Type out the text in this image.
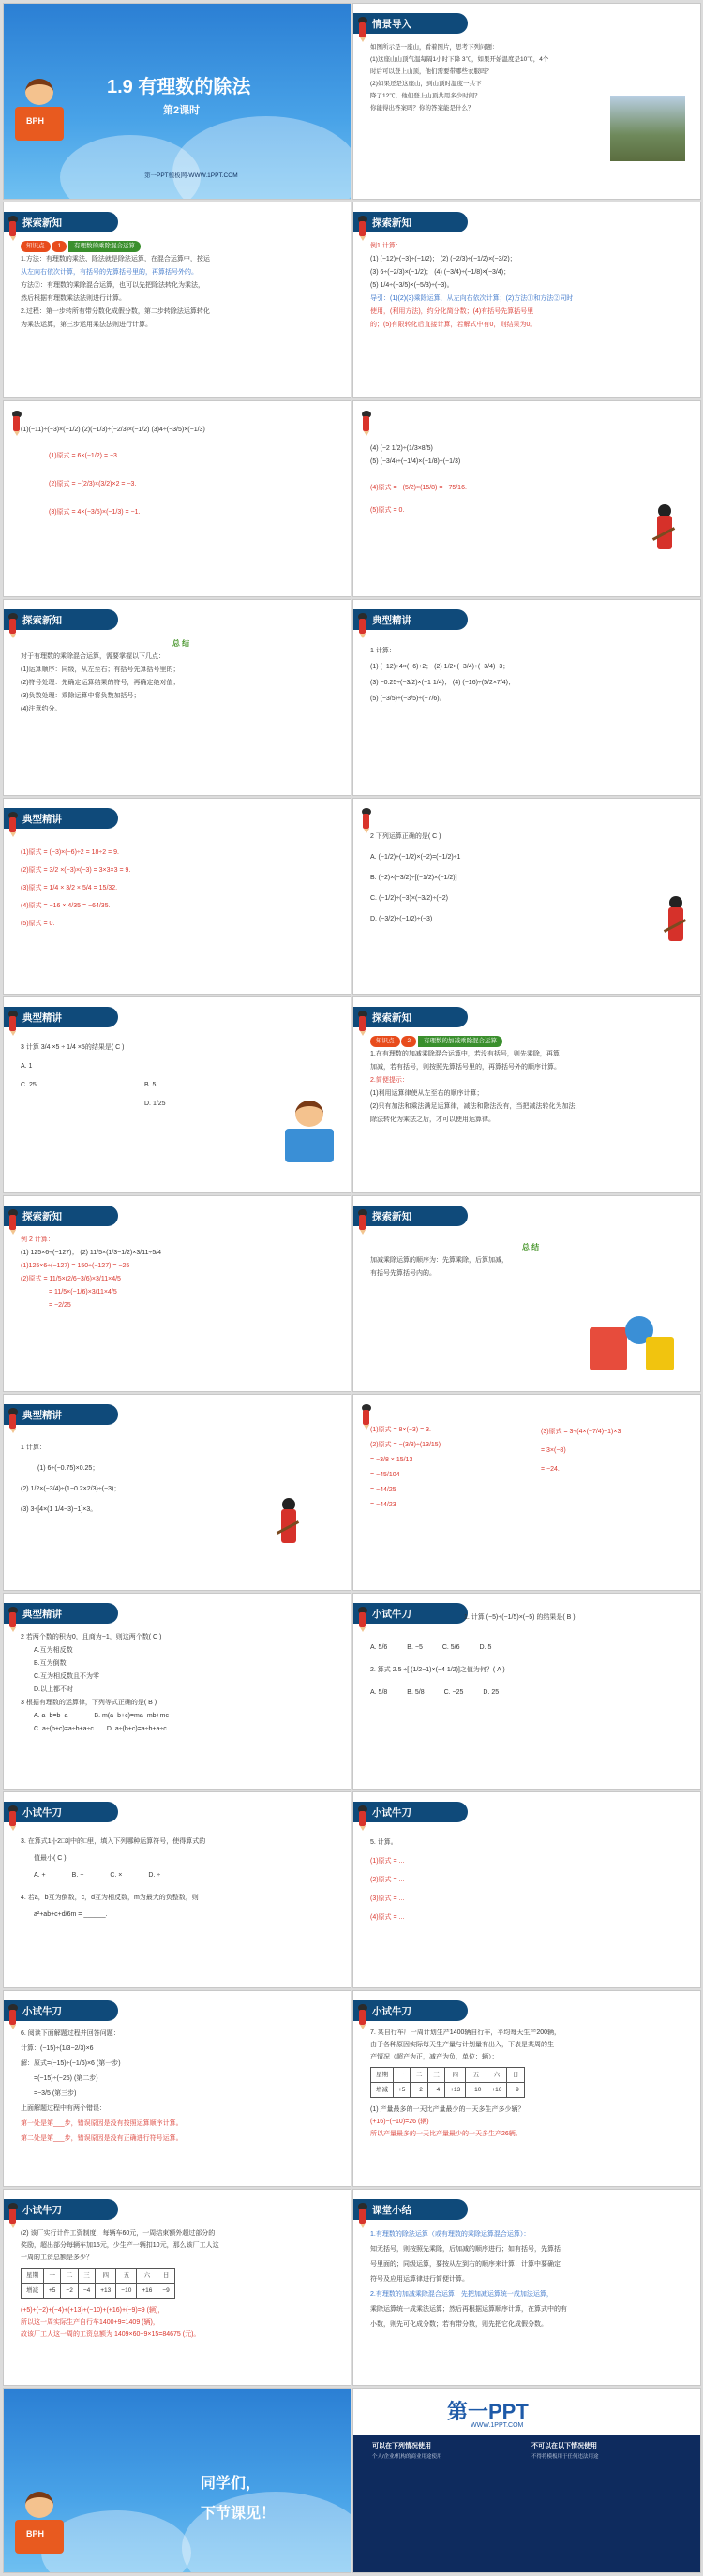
BPH
1.9 有理数的除法
第2课时
第一PPT模板网-WWW.1PPT.COM
情景导入
如图所示是一座山，看着图片，思考下列问题：
(1)这座山山顶气温每隔1小时下降 3℃，如果开始温度是10℃，4个
时后可以登上山顶，他们需要带哪些衣服吗？
(2)如果还是这座山，到山顶时温度一共下
降了12℃，他们登上山顶共用多少时间？
你能得出答案吗？你的答案能是什么？
探索新知
知识点 1 有理数的乘除混合运算
1.方法：有理数的乘法、除法就是除法运算，在混合运算中，按运
从左向右依次计算，有括号的先算括号里的，再算括号外的。
方法②：有理数的乘除混合运算，也可以先把除法转化为乘法，
然后根据有理数乘法法则进行计算。
2.过程：第一步转所有带分数化成假分数，第二步转除法运算转化
为乘法运算，第三步运用乘法法则进行计算。
探索新知
例1 计算：
(1) (−12)÷(−3)÷(−1/2)； (2) (−2/3)÷(−1/2)×(−3/2)；
(3) 6÷(−2/3)×(−1/2)； (4) (−3/4)÷(−1/8)×(−3/4)；
(5) 1/4÷(−3/5)×(−5/3)÷(−3)。
导引：(1)(2)(3)乘除运算，从左向右依次计算；(2)方法①和方法②同时
使用，(利用方法)，约分化简分数；(4)有括号先算括号里
的；(5)有限转化后直接计算，若解式中有0，则结果为0。
(1)(−11)÷(−3)×(−1/2) (2)(−1/3)÷(−2/3)×(−1/2) (3)4÷(−3/5)×(−1/3)
(1)原式 = 6×(−1/2) = −3.
(2)原式 = −(2/3)×(3/2)×2 = −3.
(3)原式 = 4×(−3/5)×(−1/3) = −1.
(4) (−2 1/2)÷(1/3×8/5)
(5) (−3/4)÷(−1/4)×(−1/8)÷(−1/3)
(4)原式 = −(5/2)×(15/8) = −75/16.
(5)原式 = 0.
探索新知
总 结
对于有理数的乘除混合运算，需要掌握以下几点：
(1)运算顺序：同级，从左至右；有括号先算括号里的；
(2)符号处理：先确定运算结果的符号，再确定绝对值；
(3)负数处理：乘除运算中将负数加括号；
(4)注意约分。
典型精讲
1 计算：
(1) (−12)÷4×(−6)÷2； (2) 1/2×(−3/4)÷(−3/4)−3；
(3) −0.25÷(−3/2)×(−1 1/4)； (4) (−16)÷(5/2×7/4)；
(5) (−3/5)÷(−3/5)÷(−7/6)。
典型精讲
(1)原式 = (−3)×(−6)÷2 = 18÷2 = 9.
(2)原式 = 3/2 ×(−3)×(−3) = 3×3×3 = 9.
(3)原式 = 1/4 × 3/2 × 5/4 = 15/32.
(4)原式 = −16 × 4/35 = −64/35.
(5)原式 = 0.
2 下列运算正确的是( C )
A. (−1/2)÷(−1/2)×(−2)=(−1/2)÷1
B. (−2)×(−3/2)÷[(−1/2)×(−1/2)]
C. (−1/2)÷(−3)×(−3/2)÷(−2)
D. (−3/2)÷(−1/2)÷(−3)
典型精讲
3 计算 3/4 ×5 ÷ 1/4 ×5的结果是( C )
A. 1
C. 25	B. 5
D. 1/25
探索新知
知识点 2 有理数的加减乘除混合运算
1.在有理数的加减乘除混合运算中，若没有括号，则先乘除，再算
加减，若有括号，则按照先算括号里的，再算括号外的顺序计算。
2.简便提示：
(1)利用运算律使从左至右的顺序计算；
(2)只有加法和乘法满足运算律，减法和除法没有，当把减法转化为加法，
除法转化为乘法之后，才可以使用运算律。
探索新知
例 2 计算：
(1) 125×6÷(−127)； (2) 11/5×(1/3−1/2)×3/11÷5/4
(1)125×6÷(−127) = 150÷(−127) = −25
(2)原式 = 11/5×(2/6−3/6)×3/11×4/5
= 11/5×(−1/6)×3/11×4/5
= −2/25
探索新知
总 结
加减乘除运算的顺序为：先算乘除，后算加减，
有括号先算括号内的。
典型精讲
1 计算：
(1) 6÷(−0.75)×0.25；
(2) 1/2×(−3/4)÷(1−0.2×2/3)÷(−3)；
(3) 3÷[4×(1 1/4−3)−1]×3。
(1)原式 = 8×(−3) = 3.
(2)原式 = −(3/8)÷(13/15)
= −3/8 × 15/13
= −45/104
= −44/25
= −44/23
(3)原式 = 3÷(4×(−7/4)−1)×3
= 3×(−8)
= −24.
典型精讲
2 若两个数的积为0，且商为−1，则这两个数( C )
A.互为相反数
B.互为倒数
C.互为相反数且不为零
D.以上都不对
3 根据有理数的运算律，下列等式正确的是( B )
A. a−b=b−a　　　　	B. m(a−b+c)=ma−mb+mc
C. a÷(b+c)=a÷b+a÷c　　 D. a÷(b+c)=a÷b+a÷c
小试牛刀	1. 计算 (−5)÷(−1/5)×(−5) 的结果是( B )
A. 5/6　　　	B. −5　　　	C. 5/6　　　	D. 5
2. 算式 2.5 ÷[ (1/2−1)×(−4 1/2)]之值为何？( A )
A. 5/8　　　	B. 5/8　　　	C. −25　　　	D. 25
小试牛刀
3. 在算式1-|-2□3|中的□里，填入下列哪种运算符号，使得算式的
值最小( C )
A. +　　　　	B. −　　　　	C. ×　　　　	D. ÷
4. 若a，b互为倒数，c，d互为相反数，m为最大的负整数，则
a²+ab+c+d/6m = ______.
小试牛刀
5. 计算。
(1)原式 = ...
(2)原式 = ...
(3)原式 = ...
(4)原式 = ...
小试牛刀
6. 阅读下面解题过程并回答问题：
计算：(−15)÷(1/3−2/3)×6
解：原式=(−15)÷(−1/6)×6 (第一步)
=(−15)÷(−25) (第二步)
=−3/5 (第三步)
上面解题过程中有两个错误：
第一处是第___步，错误原因是没有按照运算顺序计算。
第二处是第___步，错误原因是没有正确进行符号运算。
小试牛刀
7. 某自行车厂一周计划生产1400辆自行车，平均每天生产200辆，
由于各种原因实际每天生产量与计划量有出入，下表是某周的生
产情况（超产为正，减产为负，单位：辆）：
星期	一	二	三	四	五	六	日
增减	+5	−2	−4	+13	−10	+16	−9
(1) 产量最多的一天比产量最少的一天多生产多少辆？
(+16)−(−10)=26 (辆)
所以产量最多的一天比产量最少的一天多生产26辆。
小试牛刀
(2) 该厂实行计件工资制度，每辆车60元，一周结束额外超过部分的
奖励，超出部分每辆车加15元，少生产一辆扣10元，那么该厂工人这
一周的工资总额是多少？
星期	一	二	三	四	五	六	日
增减	+5	−2	−4	+13	−10	+16	−9
(+5)+(−2)+(−4)+(+13)+(−10)+(+16)+(−9)=9 (辆)，
所以这一周实际生产自行车1400+9=1409 (辆)，
故该厂工人这一周的工资总额为 1409×60+9×15=84675 (元)。
课堂小结
1.有理数的除法运算（或有理数的乘除运算混合运算）：
知无括号，则按照先乘除，后加减的顺序进行；如有括号，先算括
号里面的；同级运算，要按从左到右的顺序来计算；计算中要确定
符号及应用运算律进行简便计算。
2.有理数的加减乘除混合运算：先把加减运算统一成加法运算，
乘除运算统一成乘法运算；然后再根据运算顺序计算，在算式中的有
小数，则先可化成分数；若有带分数，则先把它化成假分数。
BPH
同学们，
下节课见！
第一PPT
WWW.1PPT.COM
可以在下列情况使用
个人/企业/机构的商业用途使用
不可以在以下情况使用
不得将模板用于任何违法用途
